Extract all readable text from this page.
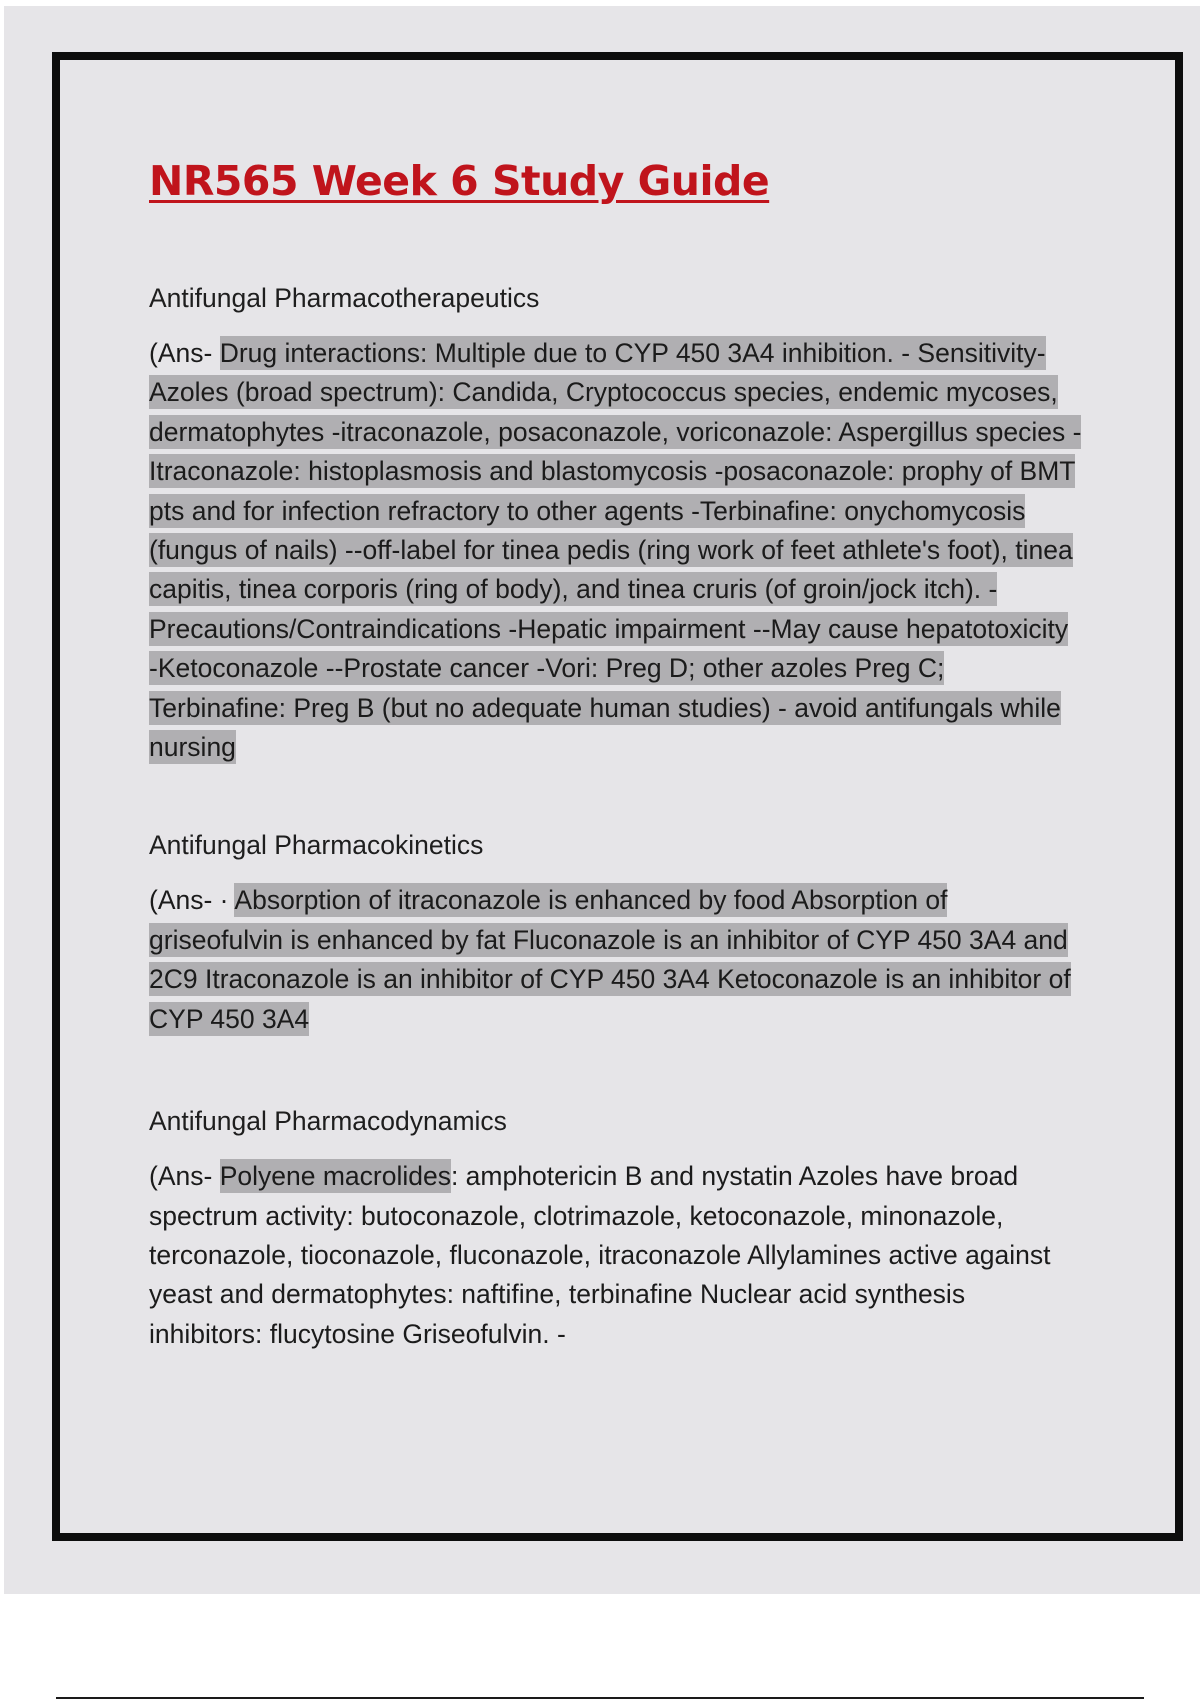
NR565 Week 6 Study Guide
Antifungal Pharmacotherapeutics
(Ans- Drug interactions: Multiple due to CYP 450 3A4 inhibition. - Sensitivity-Azoles (broad spectrum): Candida, Cryptococcus species, endemic mycoses, dermatophytes -itraconazole, posaconazole, voriconazole: Aspergillus species -Itraconazole: histoplasmosis and blastomycosis -posaconazole: prophy of BMT pts and for infection refractory to other agents -Terbinafine: onychomycosis (fungus of nails) --off-label for tinea pedis (ring work of feet athlete's foot), tinea capitis, tinea corporis (ring of body), and tinea cruris (of groin/jock itch). - Precautions/Contraindications -Hepatic impairment --May cause hepatotoxicity -Ketoconazole --Prostate cancer -Vori: Preg D; other azoles Preg C; Terbinafine: Preg B (but no adequate human studies) - avoid antifungals while nursing
Antifungal Pharmacokinetics
(Ans- · Absorption of itraconazole is enhanced by food Absorption of griseofulvin is enhanced by fat Fluconazole is an inhibitor of CYP 450 3A4 and 2C9 Itraconazole is an inhibitor of CYP 450 3A4 Ketoconazole is an inhibitor of CYP 450 3A4
Antifungal Pharmacodynamics
(Ans- Polyene macrolides: amphotericin B and nystatin Azoles have broad spectrum activity: butoconazole, clotrimazole, ketoconazole, minonazole, terconazole, tioconazole, fluconazole, itraconazole Allylamines active against yeast and dermatophytes: naftifine, terbinafine Nuclear acid synthesis inhibitors: flucytosine Griseofulvin. -
